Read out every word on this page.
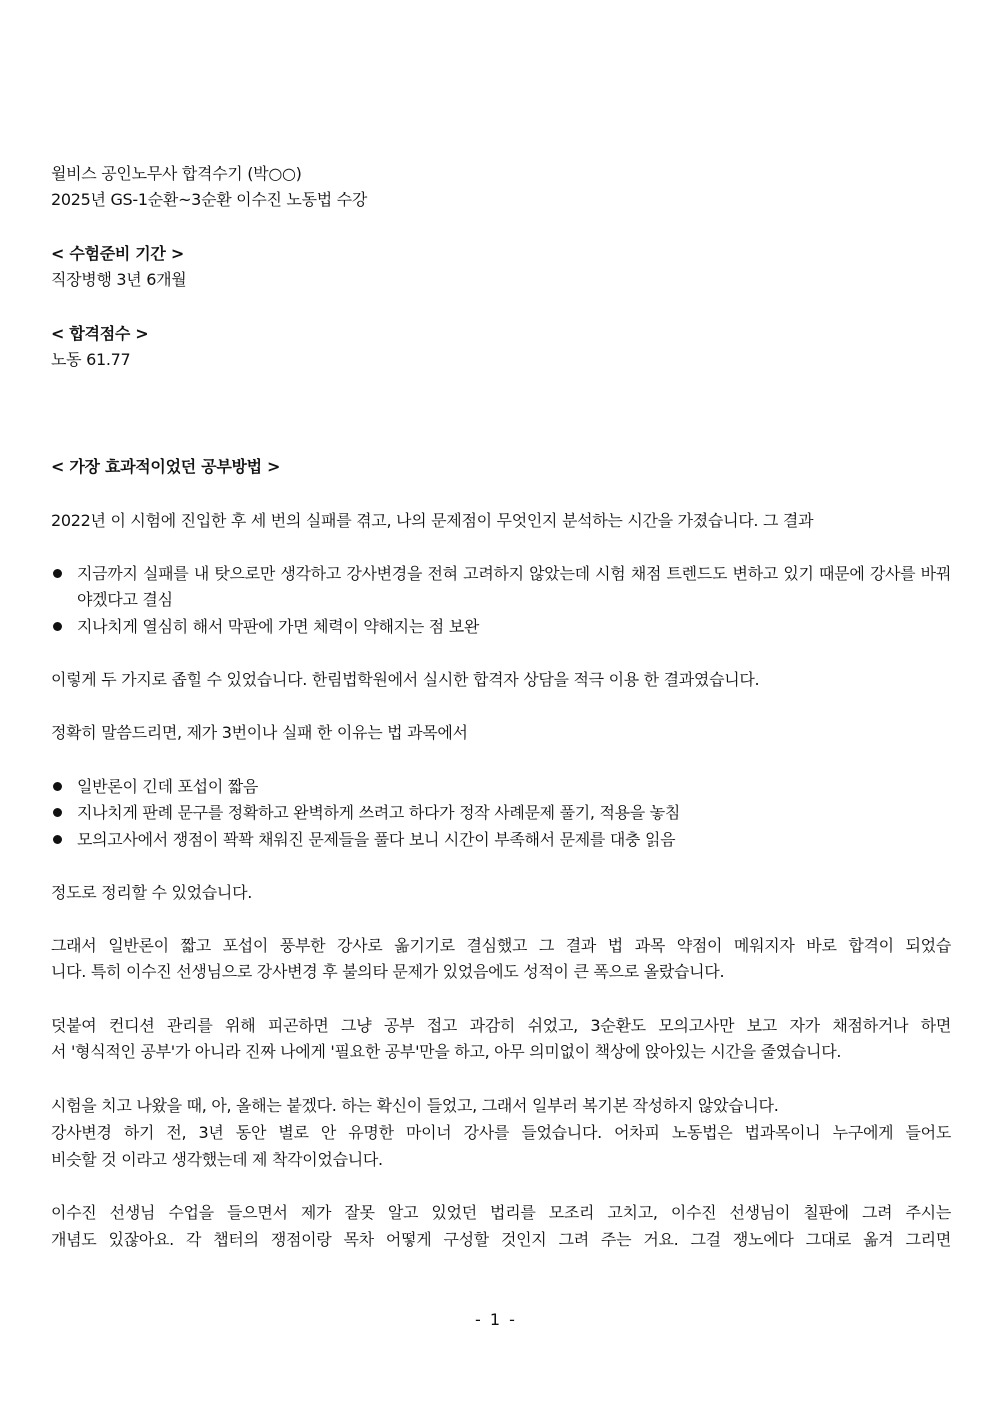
윌비스 공인노무사 합격수기 (박○○)
2025년 GS-1순환~3순환 이수진 노동법 수강
< 수험준비 기간 >
직장병행 3년 6개월
< 합격점수 >
노동 61.77
< 가장 효과적이었던 공부방법 >
2022년 이 시험에 진입한 후 세 번의 실패를 겪고, 나의 문제점이 무엇인지 분석하는 시간을 가졌습니다. 그 결과
지금까지 실패를 내 탓으로만 생각하고 강사변경을 전혀 고려하지 않았는데 시험 채점 트렌드도 변하고 있기 때문에 강사를 바꿔야겠다고 결심
지나치게 열심히 해서 막판에 가면 체력이 약해지는 점 보완
이렇게 두 가지로 좁힐 수 있었습니다. 한림법학원에서 실시한 합격자 상담을 적극 이용 한 결과였습니다.
정확히 말씀드리면, 제가 3번이나 실패 한 이유는 법 과목에서
일반론이 긴데 포섭이 짧음
지나치게 판례 문구를 정확하고 완벽하게 쓰려고 하다가 정작 사례문제 풀기, 적용을 놓침
모의고사에서 쟁점이 꽉꽉 채워진 문제들을 풀다 보니 시간이 부족해서 문제를 대충 읽음
정도로 정리할 수 있었습니다.
그래서 일반론이 짧고 포섭이 풍부한 강사로 옮기기로 결심했고 그 결과 법 과목 약점이 메워지자 바로 합격이 되었습
니다. 특히 이수진 선생님으로 강사변경 후 불의타 문제가 있었음에도 성적이 큰 폭으로 올랐습니다.
덧붙여 컨디션 관리를 위해 피곤하면 그냥 공부 접고 과감히 쉬었고, 3순환도 모의고사만 보고 자가 채점하거나 하면
서 '형식적인 공부'가 아니라 진짜 나에게 '필요한 공부'만을 하고, 아무 의미없이 책상에 앉아있는 시간을 줄였습니다.
시험을 치고 나왔을 때, 아, 올해는 붙겠다. 하는 확신이 들었고, 그래서 일부러 복기본 작성하지 않았습니다.
강사변경 하기 전, 3년 동안 별로 안 유명한 마이너 강사를 들었습니다. 어차피 노동법은 법과목이니 누구에게 들어도
비슷할 것 이라고 생각했는데 제 착각이었습니다.
이수진 선생님 수업을 들으면서 제가 잘못 알고 있었던 법리를 모조리 고치고, 이수진 선생님이 칠판에 그려 주시는
개념도 있잖아요. 각 챕터의 쟁점이랑 목차 어떻게 구성할 것인지 그려 주는 거요. 그걸 쟁노에다 그대로 옮겨 그리면
- 1 -
